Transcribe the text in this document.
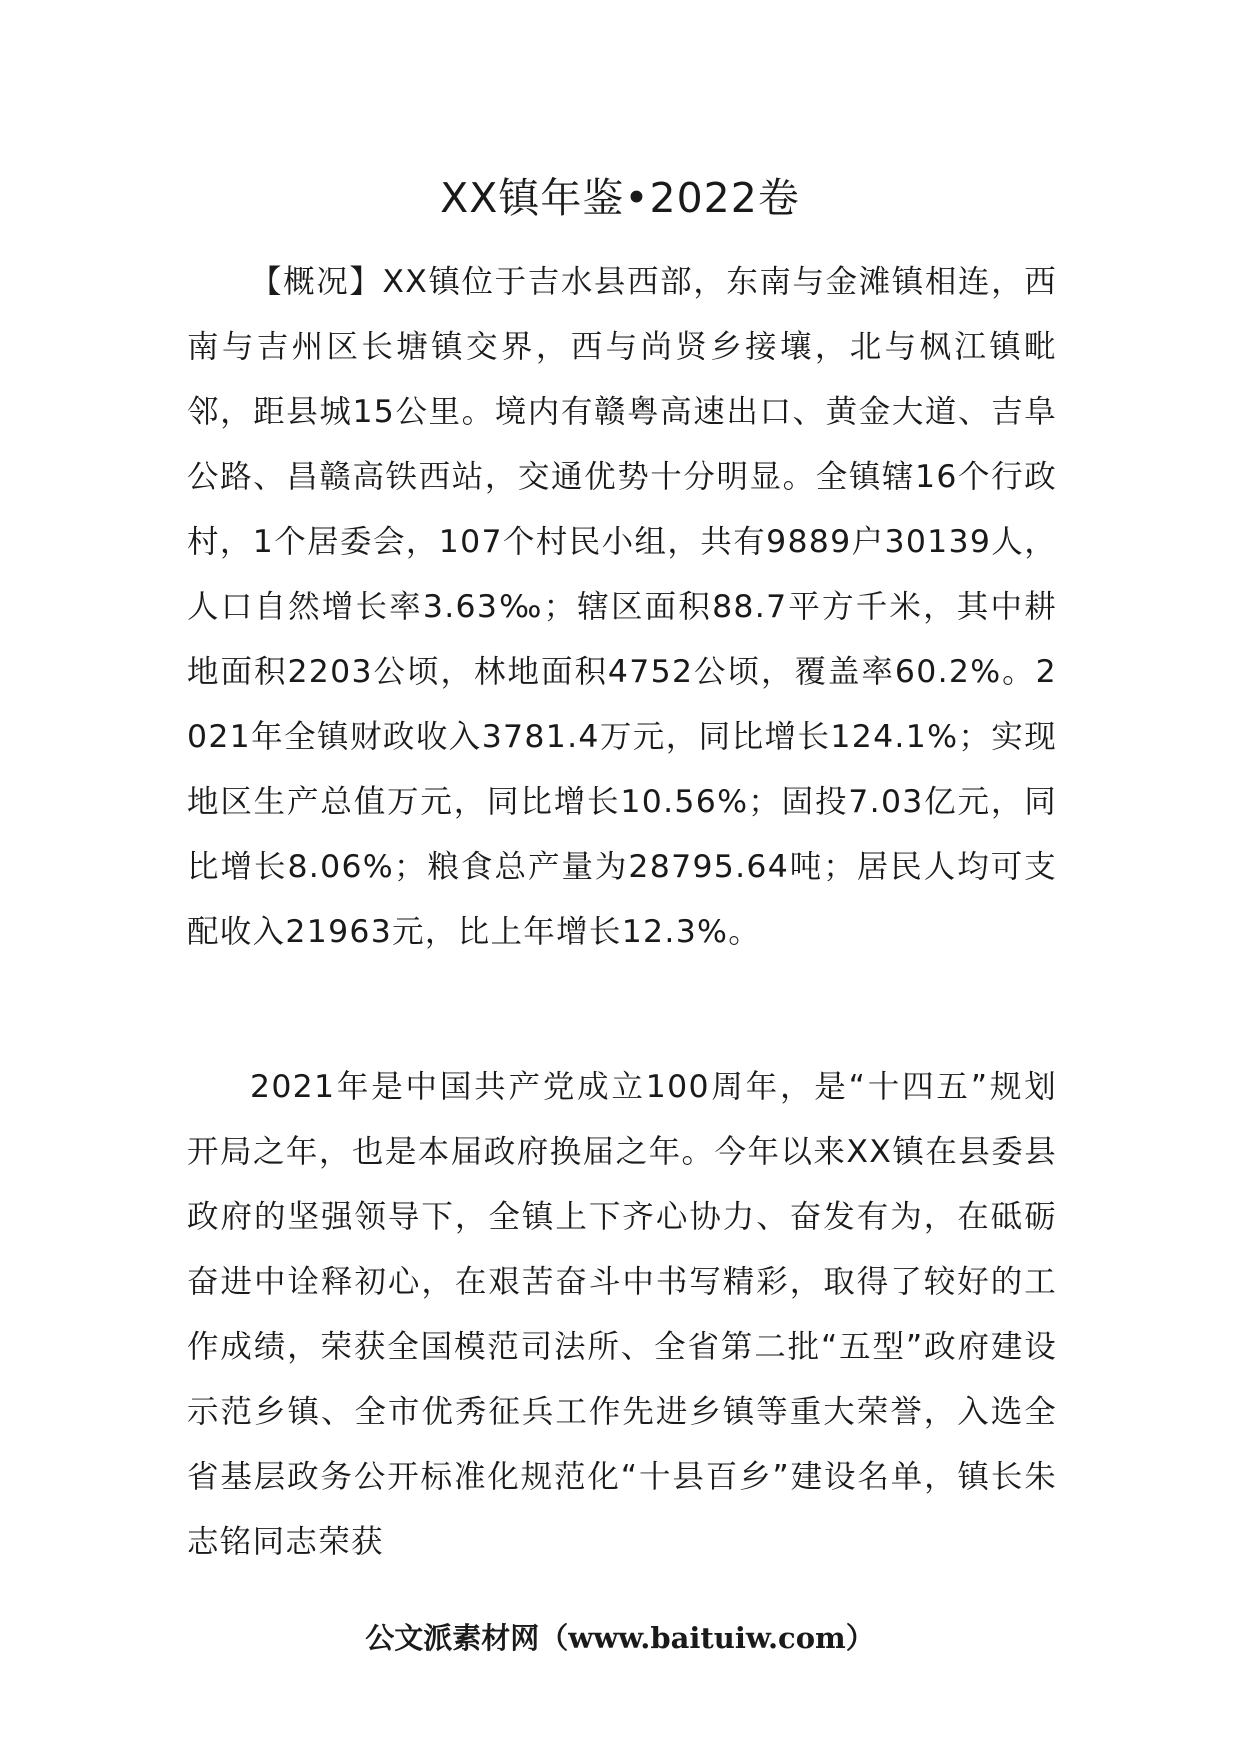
XX镇年鉴•2022卷

【概况】XX镇位于吉水县西部，东南与金滩镇相连，西南与吉州区长塘镇交界，西与尚贤乡接壤，北与枫江镇毗邻，距县城15公里。境内有赣粤高速出口、黄金大道、吉阜公路、昌赣高铁西站，交通优势十分明显。全镇辖16个行政村，1个居委会，107个村民小组，共有9889户30139人，人口自然增长率3.63‰；辖区面积88.7平方千米，其中耕地面积2203公顷，林地面积4752公顷，覆盖率60.2%。2021年全镇财政收入3781.4万元，同比增长124.1%；实现地区生产总值万元，同比增长10.56%；固投7.03亿元，同比增长8.06%；粮食总产量为28795.64吨；居民人均可支配收入21963元，比上年增长12.3%。

2021年是中国共产党成立100周年，是“十四五”规划开局之年，也是本届政府换届之年。今年以来XX镇在县委县政府的坚强领导下，全镇上下齐心协力、奋发有为，在砥砺奋进中诠释初心，在艰苦奋斗中书写精彩，取得了较好的工作成绩，荣获全国模范司法所、全省第二批“五型”政府建设示范乡镇、全市优秀征兵工作先进乡镇等重大荣誉，入选全省基层政务公开标准化规范化“十县百乡”建设名单，镇长朱志铭同志荣获

公文派素材网（www.baituiw.com）
